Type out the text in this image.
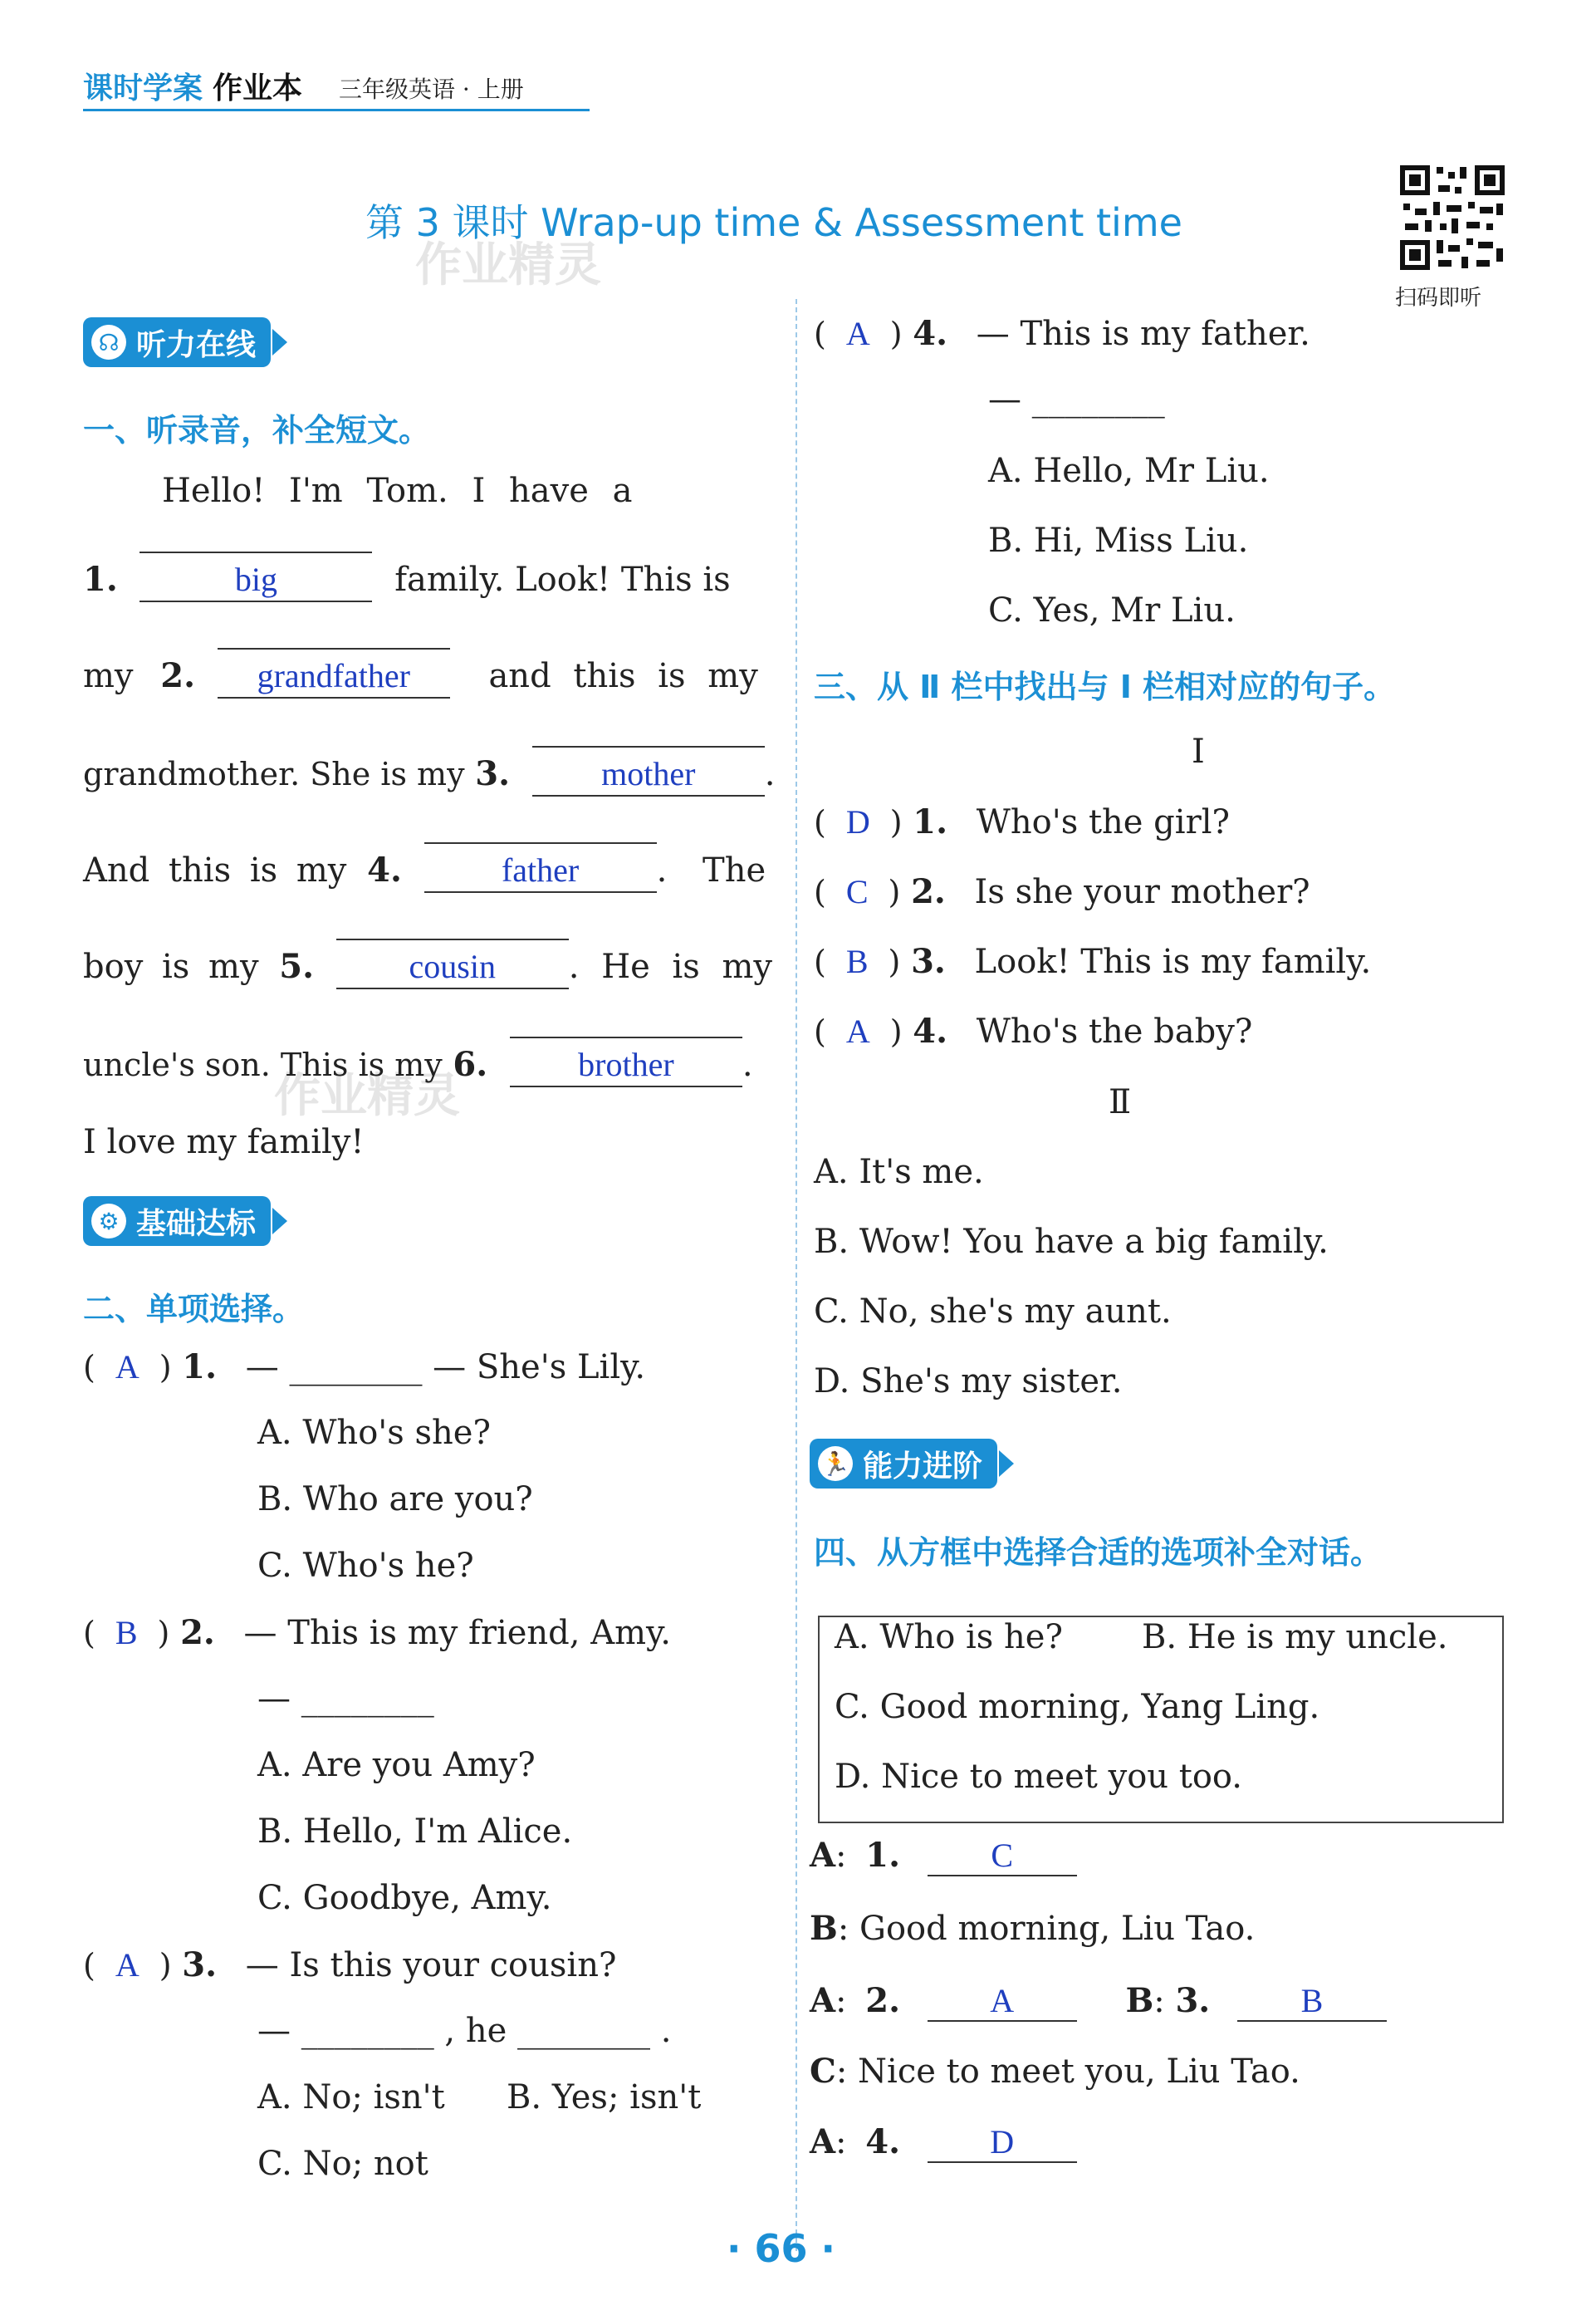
课时学案 作业本 三年级英语 · 上册
第 3 课时 Wrap-up time & Assessment time
作业精灵
作业精灵
扫码即听
☊ 听力在线
一、听录音，补全短文。
Hello! I'm Tom. I have a
1.	big	family. Look! This is
my 2. grandfather and this is my
grandmother. She is my 3.	mother .
And this is my 4.	father . The
boy is my 5.	cousin . He is my
uncle's son. This is my 6.	brother .
I love my family!
⚙ 基础达标
二、单项选择。
( A ) 1. — ________ — She's Lily.
A. Who's she?
B. Who are you?
C. Who's he?
( B ) 2. — This is my friend, Amy.
— ________
A. Are you Amy?
B. Hello, I'm Alice.
C. Goodbye, Amy.
( A ) 3. — Is this your cousin?
— ________ , he ________ .
A. No; isn't B. Yes; isn't
C. No; not
( A ) 4. — This is my father.
— ________
A. Hello, Mr Liu.
B. Hi, Miss Liu.
C. Yes, Mr Liu.
三、从 Ⅱ 栏中找出与 Ⅰ 栏相对应的句子。
Ⅰ
( D ) 1. Who's the girl?
( C ) 2. Is she your mother?
( B ) 3. Look! This is my family.
( A ) 4. Who's the baby?
Ⅱ
A. It's me.
B. Wow! You have a big family.
C. No, she's my aunt.
D. She's my sister.
🏃 能力进阶
四、从方框中选择合适的选项补全对话。
A. Who is he? B. He is my uncle.
C. Good morning, Yang Ling.
D. Nice to meet you too.
A: 1.	C
B: Good morning, Liu Tao.
A: 2.	A	B: 3.	B
C: Nice to meet you, Liu Tao.
A: 4.	D
· 66 ·
